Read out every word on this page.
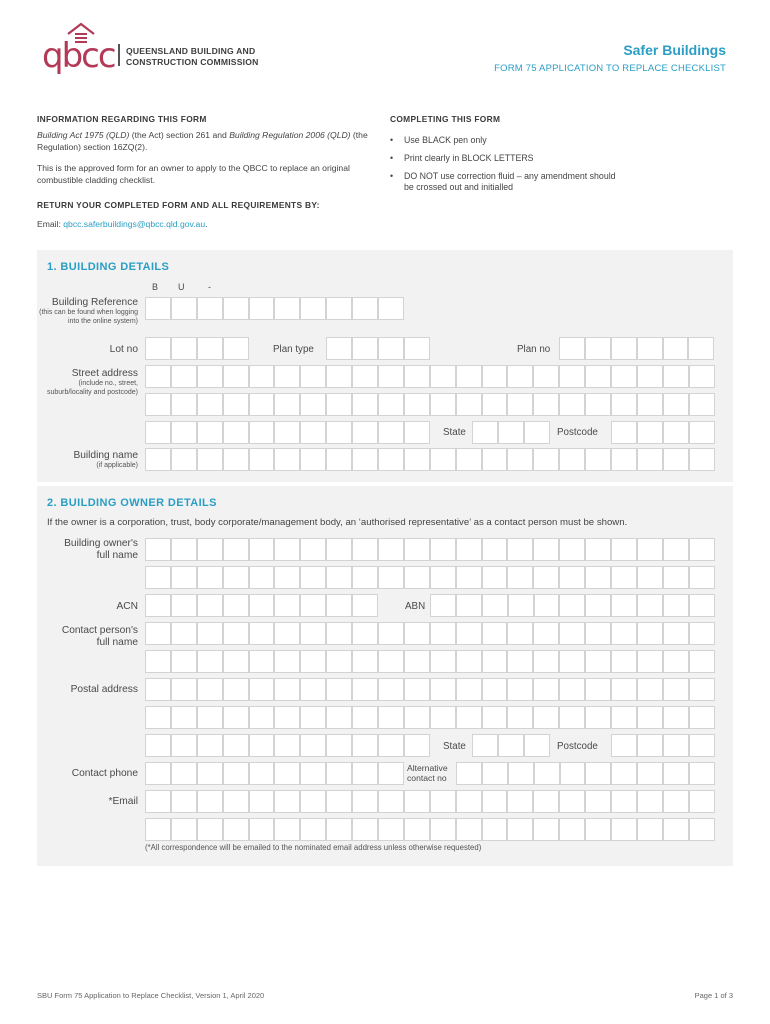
qbcc QUEENSLAND BUILDING AND
CONSTRUCTION COMMISSION
Safer Buildings
FORM 75 APPLICATION TO REPLACE CHECKLIST
INFORMATION REGARDING THIS FORM
Building Act 1975 (QLD) (the Act) section 261 and Building Regulation 2006 (QLD) (the Regulation) section 16ZQ(2).
This is the approved form for an owner to apply to the QBCC to replace an original combustible cladding checklist.
RETURN YOUR COMPLETED FORM AND ALL REQUIREMENTS BY:
Email: qbcc.saferbuildings@qbcc.qld.gov.au.
COMPLETING THIS FORM
• Use BLACK pen only
• Print clearly in BLOCK LETTERS
• DO NOT use correction fluid – any amendment should be crossed out and initialled
1. BUILDING DETAILS
B U	-
Building Reference
(this can be found when logging into the online system)
Lot no	Plan type	Plan no
Street address
(include no., street, suburb/locality and postcode)
State	Postcode
Building name
(if applicable)
2. BUILDING OWNER DETAILS
If the owner is a corporation, trust, body corporate/management body, an ‘authorised representative’ as a contact person must be shown.
Building owner's
full name
ACN	ABN
Contact person's
full name
Postal address
State	Postcode
Contact phone	Alternative
contact no
*Email
(*All correspondence will be emailed to the nominated email address unless otherwise requested)
SBU Form 75 Application to Replace Checklist, Version 1, April 2020	Page 1 of 3
